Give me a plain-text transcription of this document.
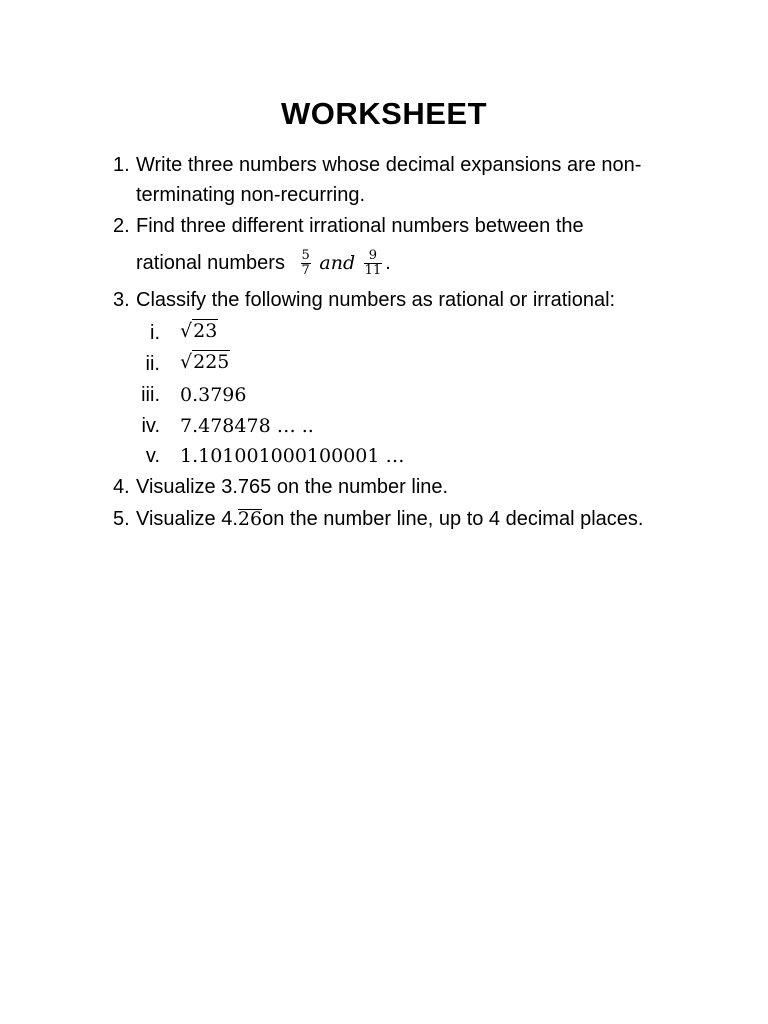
WORKSHEET
1. Write three numbers whose decimal expansions are non-
terminating non-recurring.
2. Find three different irrational numbers between the
rational numbers $\frac{5}{7}$ and $\frac{9}{11}$ .
3. Classify the following numbers as rational or irrational:
i. √23
ii. √225
iii. 0.3796
iv. 7.478478 … ..
v. 1.101001000100001 …
4. Visualize 3.765 on the number line.
5. Visualize 4.26on the number line, up to 4 decimal places.
